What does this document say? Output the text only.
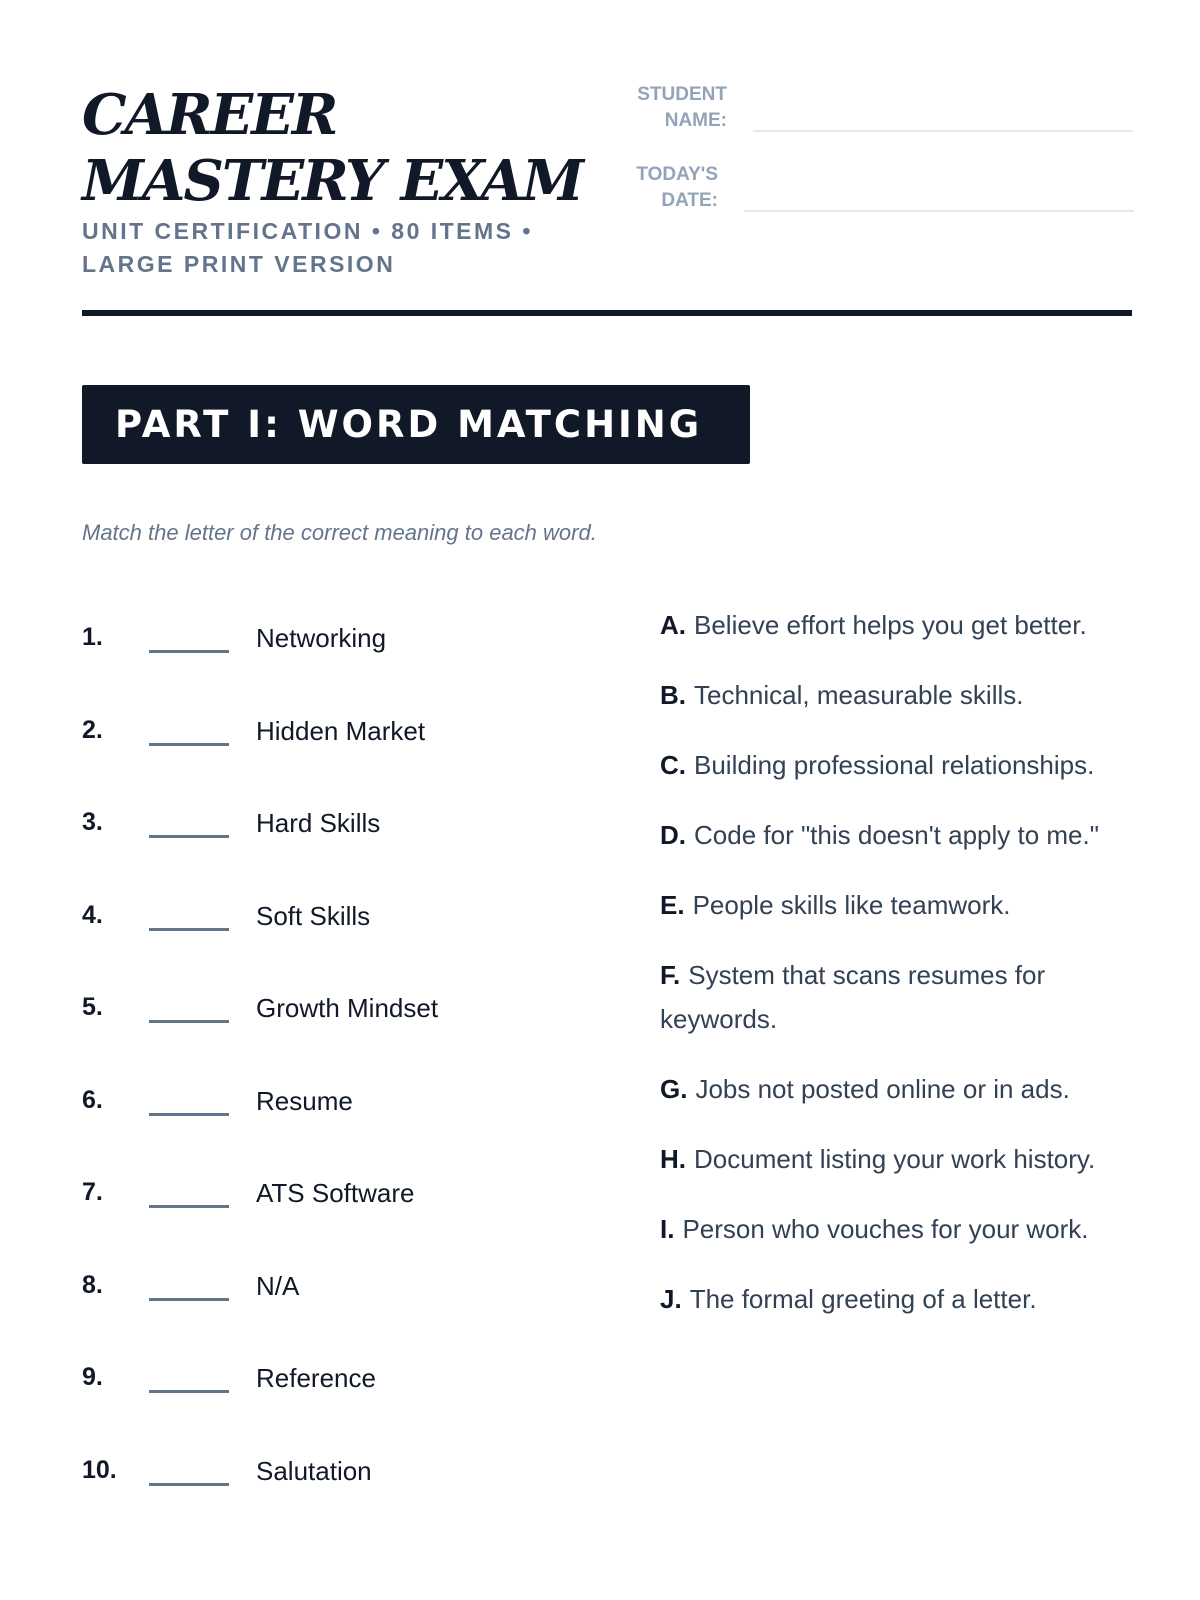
CAREER
MASTERY EXAM
UNIT CERTIFICATION • 80 ITEMS • LARGE PRINT VERSION
STUDENT NAME:
TODAY'S DATE:
PART I: WORD MATCHING
Match the letter of the correct meaning to each word.
1.	Networking
2.	Hidden Market
3.	Hard Skills
4.	Soft Skills
5.	Growth Mindset
6.	Resume
7.	ATS Software
8.	N/A
9.	Reference
10.	Salutation
A. Believe effort helps you get better.
B. Technical, measurable skills.
C. Building professional relationships.
D. Code for "this doesn't apply to me."
E. People skills like teamwork.
F. System that scans resumes for keywords.
G. Jobs not posted online or in ads.
H. Document listing your work history.
I. Person who vouches for your work.
J. The formal greeting of a letter.
